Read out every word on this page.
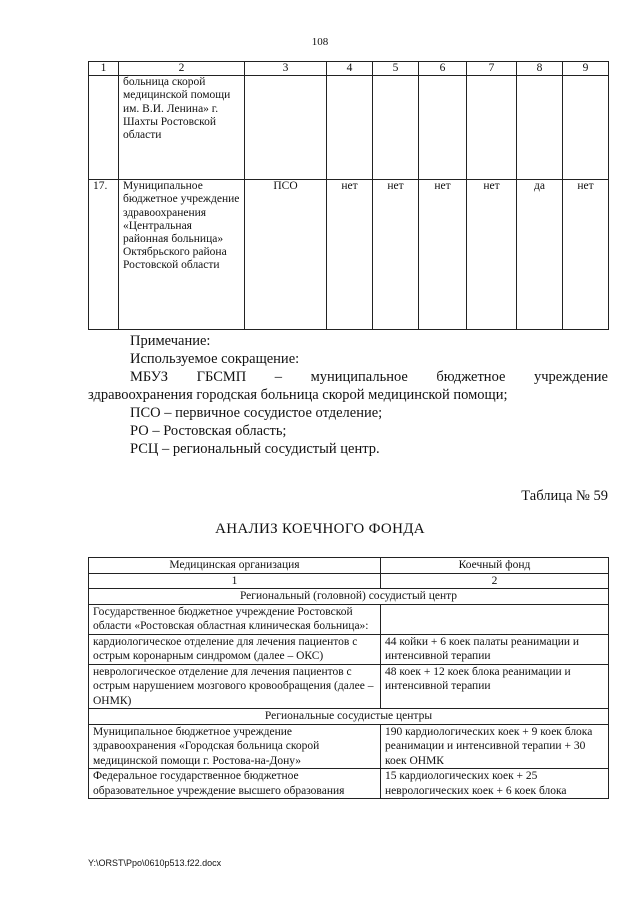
108
1	2	3	4	5	6	7	8	9
	больница скорой медицинской помощи им. В.И. Ленина» г. Шахты Ростовской области							
17.	Муниципальное бюджетное учреждение здравоохранения «Центральная районная больница» Октябрьского района Ростовской области	ПСО	нет	нет	нет	нет	да	нет
Примечание:
Используемое сокращение:
МБУЗ ГБСМП – муниципальное бюджетное учреждение
здравоохранения городская больница скорой медицинской помощи;
ПСО – первичное сосудистое отделение;
РО – Ростовская область;
РСЦ – региональный сосудистый центр.
Таблица № 59
АНАЛИЗ КОЕЧНОГО ФОНДА
Медицинская организация	Коечный фонд
1	2
Региональный (головной) сосудистый центр	
Государственное бюджетное учреждение Ростовской области «Ростовская областная клиническая больница»:	
кардиологическое отделение для лечения пациентов с острым коронарным синдромом (далее – ОКС)	44 койки + 6 коек палаты реанимации и интенсивной терапии
неврологическое отделение для лечения пациентов с острым нарушением мозгового кровообращения (далее – ОНМК)	48 коек + 12 коек блока реанимации и интенсивной терапии
Региональные сосудистые центры	
Муниципальное бюджетное учреждение здравоохранения «Городская больница скорой медицинской помощи г. Ростова-на-Дону»	190 кардиологических коек + 9 коек блока реанимации и интенсивной терапии + 30 коек ОНМК
Федеральное государственное бюджетное образовательное учреждение высшего образования	15 кардиологических коек + 25 неврологических коек + 6 коек блока
Y:\ORST\Ppo\0610p513.f22.docx
